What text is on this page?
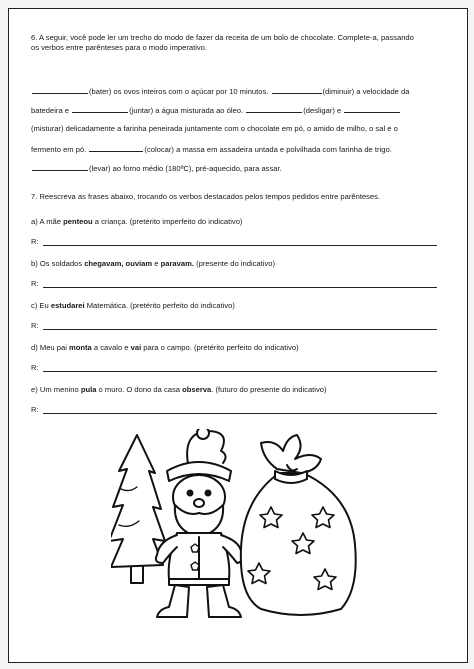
6. A seguir, você pode ler um trecho do modo de fazer da receita de um bolo de chocolate. Complete-a, passando
os verbos entre parênteses para o modo imperativo.
(bater) os ovos inteiros com o açúcar por 10 minutos.	(diminuir) a velocidade da
batedeira e	(juntar) a água misturada ao óleo.	(desligar) e
(misturar) delicadamente a farinha peneirada juntamente com o chocolate em pó, o amido de milho, o sal e o
fermento em pó.	(colocar) a massa em assadeira untada e polvilhada com farinha de trigo.
(levar) ao forno médio (180ºC), pré-aquecido, para assar.
7. Reescreva as frases abaixo, trocando os verbos destacados pelos tempos pedidos entre parênteses.
a) A mãe penteou a criança. (pretérito imperfeito do indicativo)
R:
b) Os soldados chegavam, ouviam e paravam. (presente do indicativo)
R:
c) Eu estudarei Matemática. (pretérito perfeito do indicativo)
R:
d) Meu pai monta a cavalo e vai para o campo. (pretérito perfeito do indicativo)
R:
e) Um menino pula o muro. O dono da casa observa. (futuro do presente do indicativo)
R:
